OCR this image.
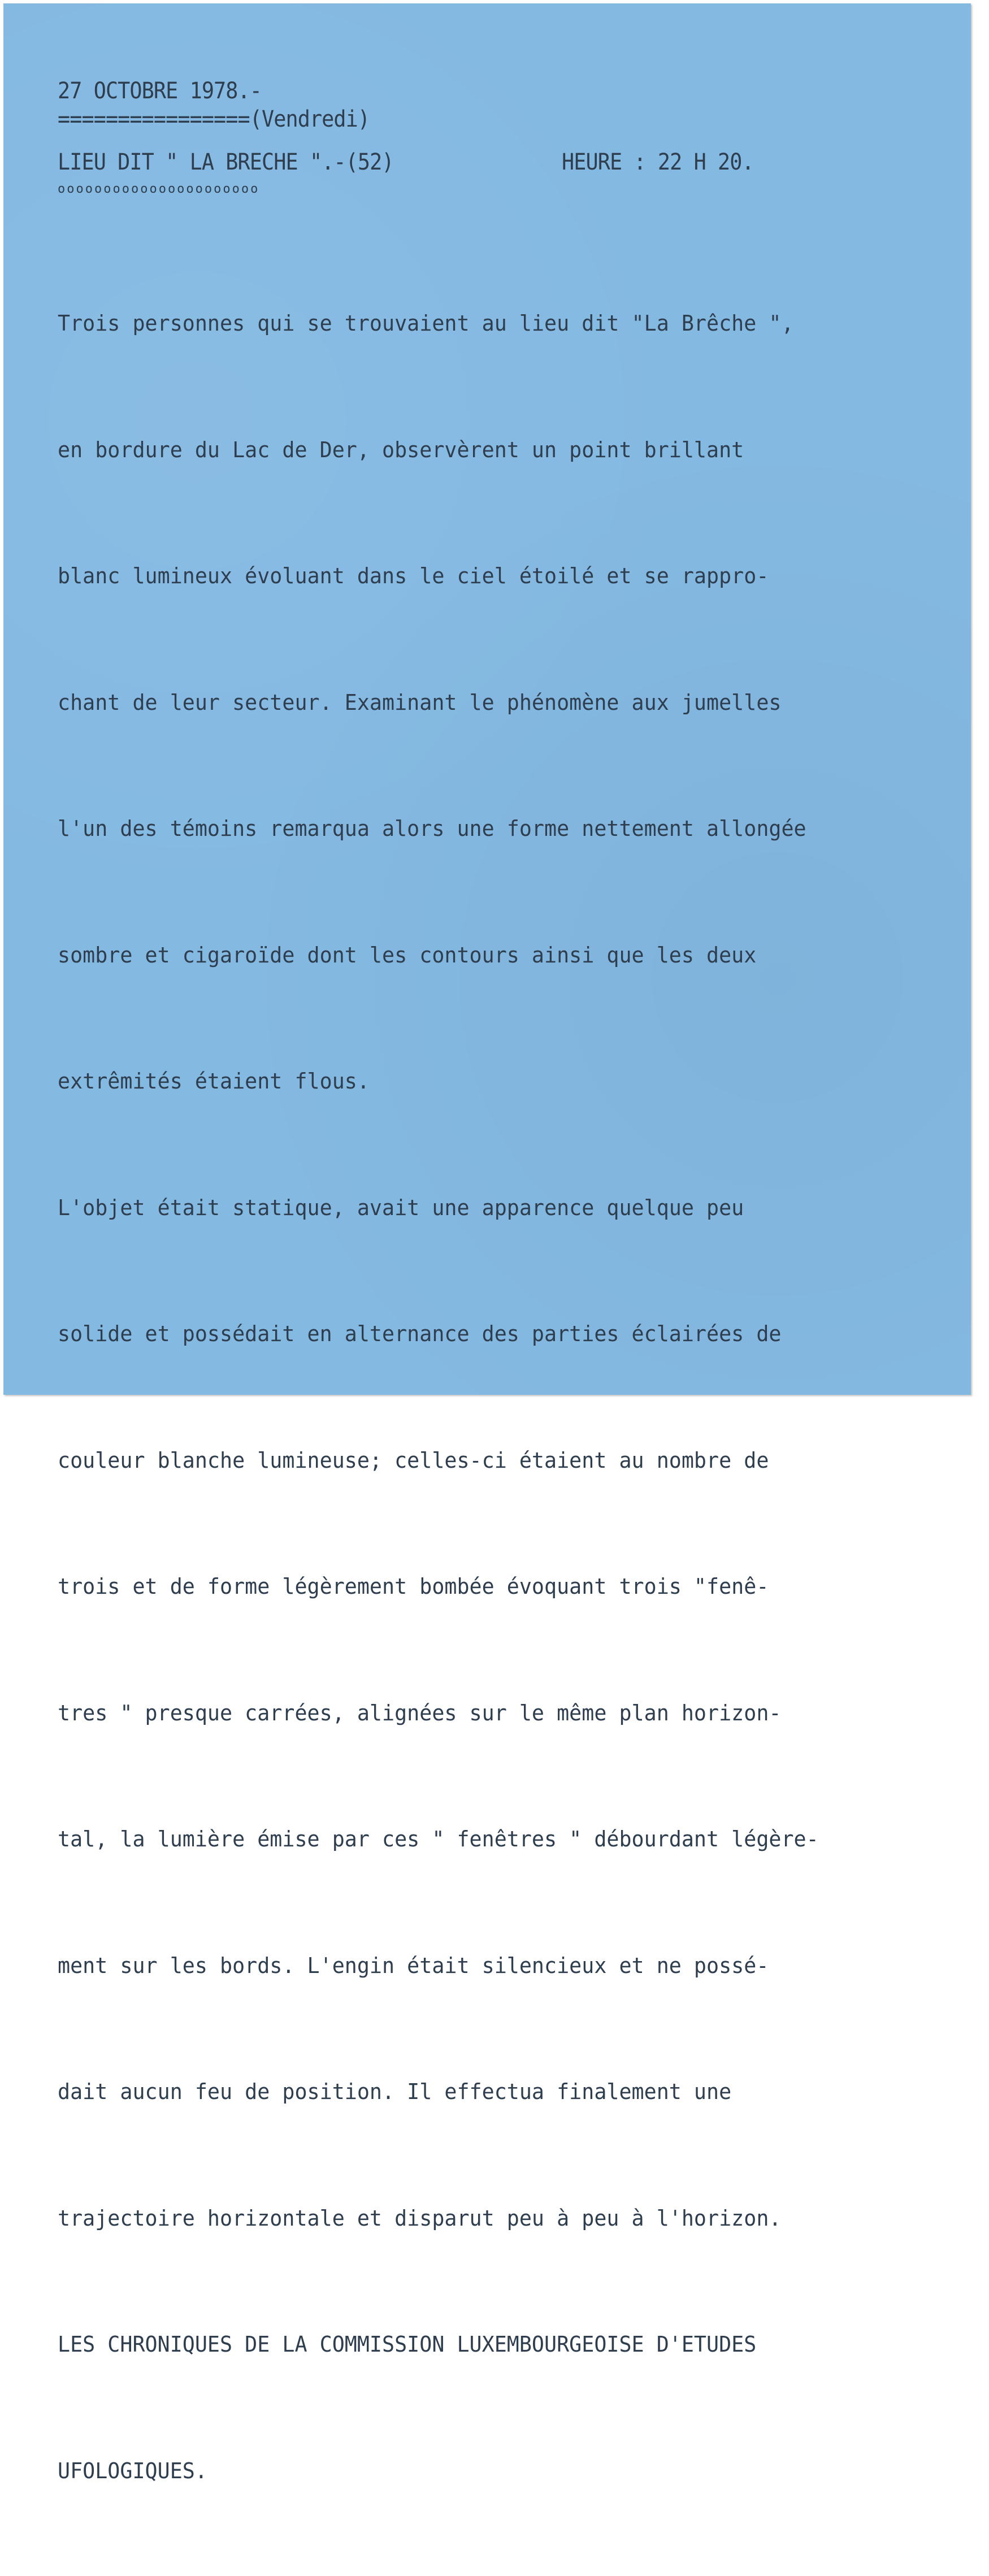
27 OCTOBRE 1978.-
================(Vendredi)
LIEU DIT " LA BRECHE ".-(52)	HEURE : 22 H 20.
oooooooooooooooooooooo

Trois personnes qui se trouvaient au lieu dit "La Brêche ",

en bordure du Lac de Der, observèrent un point brillant

blanc lumineux évoluant dans le ciel étoilé et se rappro-

chant de leur secteur. Examinant le phénomène aux jumelles

l'un des témoins remarqua alors une forme nettement allongée

sombre et cigaroïde dont les contours ainsi que les deux

extrêmités étaient flous.

L'objet était statique, avait une apparence quelque peu

solide et possédait en alternance des parties éclairées de

couleur blanche lumineuse; celles-ci étaient au nombre de

trois et de forme légèrement bombée évoquant trois "fenê-

tres " presque carrées, alignées sur le même plan horizon-

tal, la lumière émise par ces " fenêtres " débourdant légère-

ment sur les bords. L'engin était silencieux et ne possé-

dait aucun feu de position. Il effectua finalement une

trajectoire horizontale et disparut peu à peu à l'horizon.

LES CHRONIQUES DE LA COMMISSION LUXEMBOURGEOISE D'ETUDES

UFOLOGIQUES.
